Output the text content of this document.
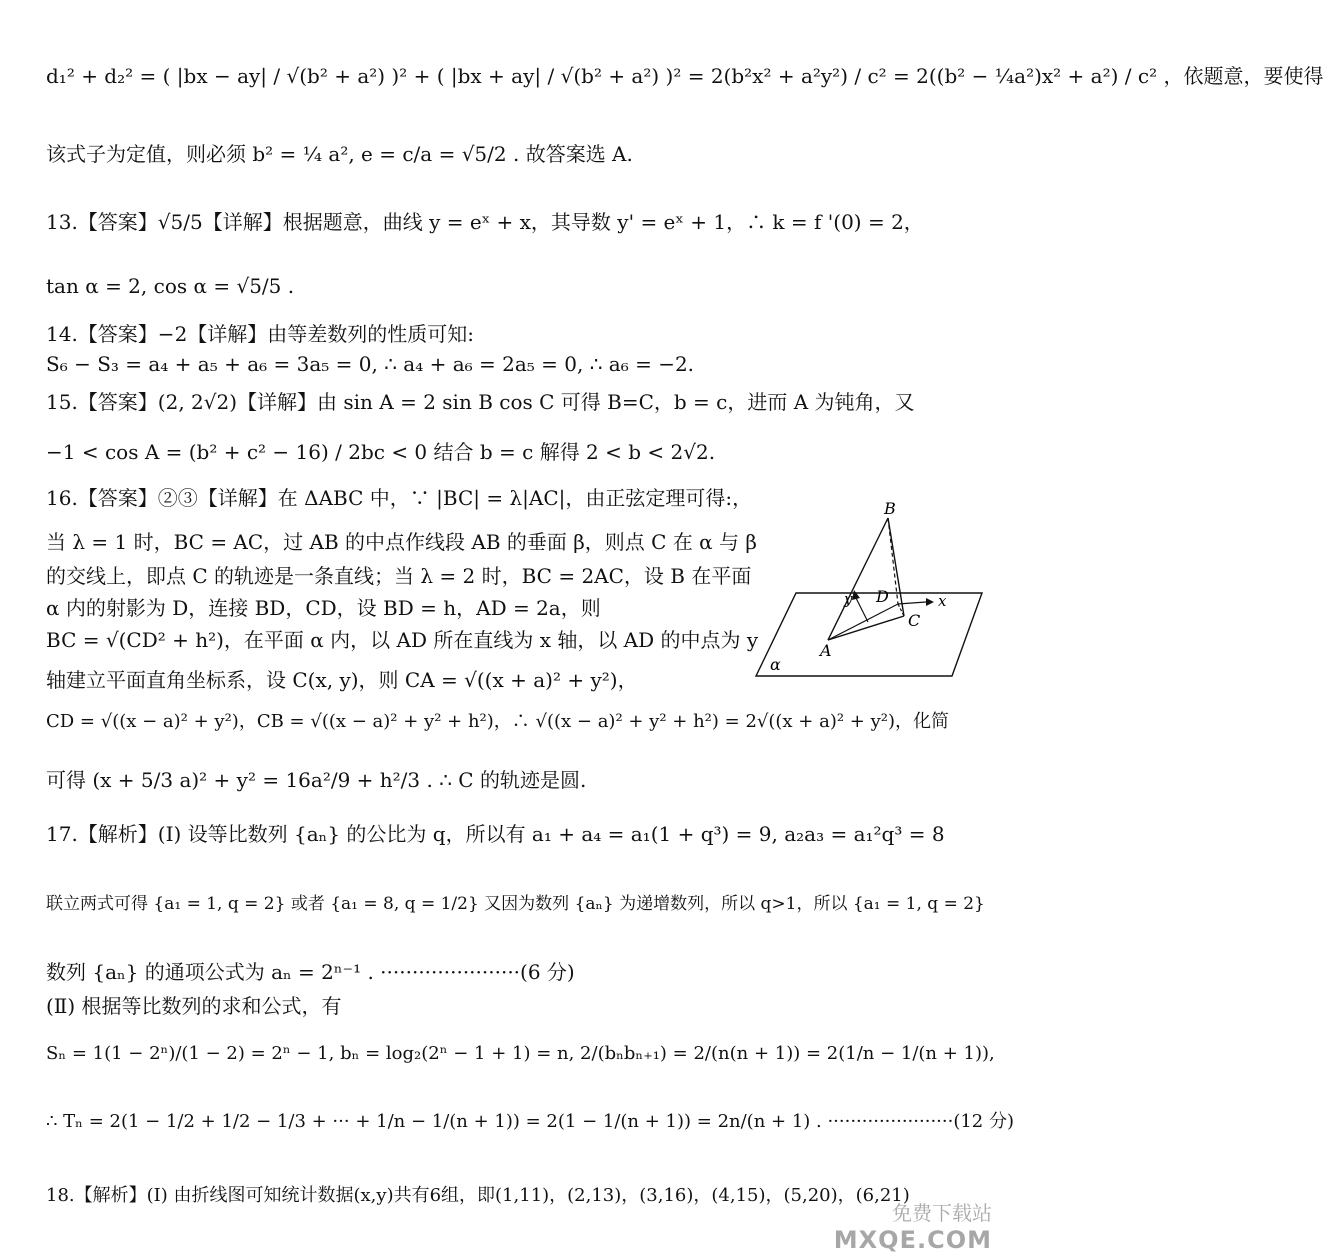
d₁² + d₂² = ( |bx − ay| / √(b² + a²) )² + ( |bx + ay| / √(b² + a²) )² = 2(b²x² + a²y²) / c² = 2((b² − ¼a²)x² + a²) / c² ，依题意，要使得
该式子为定值，则必须 b² = ¼ a², e = c/a = √5/2 . 故答案选 A.
13.【答案】√5/5【详解】根据题意，曲线 y = eˣ + x，其导数 y' = eˣ + 1，∴ k = f '(0) = 2，
tan α = 2, cos α = √5/5 .
14.【答案】−2【详解】由等差数列的性质可知:
S₆ − S₃ = a₄ + a₅ + a₆ = 3a₅ = 0, ∴ a₄ + a₆ = 2a₅ = 0, ∴ a₆ = −2.
15.【答案】(2, 2√2)【详解】由 sin A = 2 sin B cos C 可得 B=C，b = c，进而 A 为钝角，又
−1 < cos A = (b² + c² − 16) / 2bc < 0 结合 b = c 解得 2 < b < 2√2.
16.【答案】②③【详解】在 ΔABC 中，∵ |BC| = λ|AC|，由正弦定理可得:，
当 λ = 1 时，BC = AC，过 AB 的中点作线段 AB 的垂面 β，则点 C 在 α 与 β
的交线上，即点 C 的轨迹是一条直线；当 λ = 2 时，BC = 2AC，设 B 在平面
α 内的射影为 D，连接 BD，CD，设 BD = h，AD = 2a，则
BC = √(CD² + h²)，在平面 α 内，以 AD 所在直线为 x 轴，以 AD 的中点为 y
轴建立平面直角坐标系，设 C(x, y)，则 CA = √((x + a)² + y²)，
CD = √((x − a)² + y²)，CB = √((x − a)² + y² + h²)，∴ √((x − a)² + y² + h²) = 2√((x + a)² + y²)，化简
可得 (x + 5/3 a)² + y² = 16a²/9 + h²/3 . ∴ C 的轨迹是圆.
17.【解析】(Ⅰ) 设等比数列 {aₙ} 的公比为 q，所以有 a₁ + a₄ = a₁(1 + q³) = 9, a₂a₃ = a₁²q³ = 8
联立两式可得 {a₁ = 1, q = 2} 或者 {a₁ = 8, q = 1/2} 又因为数列 {aₙ} 为递增数列，所以 q>1，所以 {a₁ = 1, q = 2}
数列 {aₙ} 的通项公式为 aₙ = 2ⁿ⁻¹ . ······················(6 分)
(Ⅱ) 根据等比数列的求和公式，有
Sₙ = 1(1 − 2ⁿ)/(1 − 2) = 2ⁿ − 1, bₙ = log₂(2ⁿ − 1 + 1) = n, 2/(bₙbₙ₊₁) = 2/(n(n + 1)) = 2(1/n − 1/(n + 1)),
∴ Tₙ = 2(1 − 1/2 + 1/2 − 1/3 + ··· + 1/n − 1/(n + 1)) = 2(1 − 1/(n + 1)) = 2n/(n + 1) . ······················(12 分)
18.【解析】(Ⅰ) 由折线图可知统计数据(x,y)共有6组，即(1,11)，(2,13)，(3,16)，(4,15)，(5,20)，(6,21)
B
D	x
y
C
A
α
免费下载站
MXQE.COM
